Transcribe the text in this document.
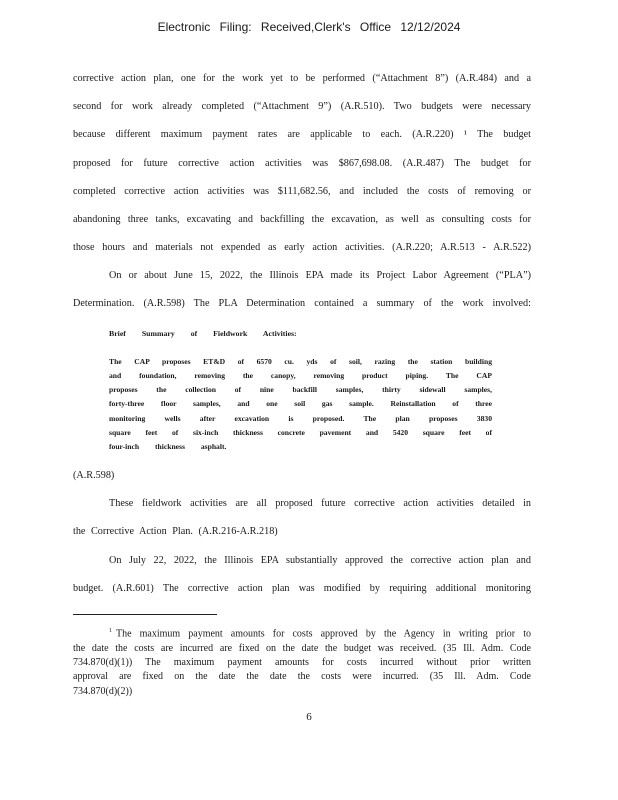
Electronic Filing: Received,Clerk's Office 12/12/2024
corrective action plan, one for the work yet to be performed (“Attachment 8”) (A.R.484) and a
second for work already completed (“Attachment 9”) (A.R.510). Two budgets were necessary
because different maximum payment rates are applicable to each. (A.R.220) ¹ The budget
proposed for future corrective action activities was $867,698.08. (A.R.487) The budget for
completed corrective action activities was $111,682.56, and included the costs of removing or
abandoning three tanks, excavating and backfilling the excavation, as well as consulting costs for
those hours and materials not expended as early action activities. (A.R.220; A.R.513 - A.R.522)
On or about June 15, 2022, the Illinois EPA made its Project Labor Agreement (“PLA”)
Determination. (A.R.598) The PLA Determination contained a summary of the work involved:
Brief Summary of Fieldwork Activities:
The CAP proposes ET&D of 6570 cu. yds of soil, razing the station building
and foundation, removing the canopy, removing product piping. The CAP
proposes the collection of nine backfill samples, thirty sidewall samples,
forty-three floor samples, and one soil gas sample. Reinstallation of three
monitoring wells after excavation is proposed. The plan proposes 3830
square feet of six-inch thickness concrete pavement and 5420 square feet of
four-inch thickness asphalt.
(A.R.598)
These fieldwork activities are all proposed future corrective action activities detailed in
the Corrective Action Plan. (A.R.216-A.R.218)
On July 22, 2022, the Illinois EPA substantially approved the corrective action plan and
budget. (A.R.601) The corrective action plan was modified by requiring additional monitoring
$^1$ The maximum payment amounts for costs approved by the Agency in writing prior to
the date the costs are incurred are fixed on the date the budget was received. (35 Ill. Adm. Code
734.870(d)(1)) The maximum payment amounts for costs incurred without prior written
approval are fixed on the date the date the costs were incurred. (35 Ill. Adm. Code
734.870(d)(2))
6
